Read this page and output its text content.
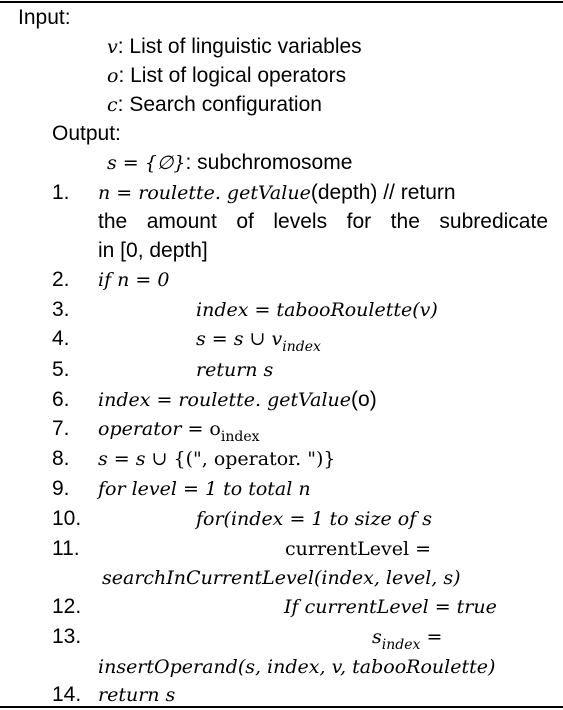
Input:
v: List of linguistic variables
o: List of logical operators
c: Search configuration
Output:
s = {∅}: subchromosome
1. n = roulette. getValue(depth) // return
the amount of levels for the subredicate
in [0, depth]
2. if n = 0
3.	index = tabooRoulette(v)
4.	s = s ∪ $v_{index}$
5.	return s
6. index = roulette. getValue(o)
7. operator = $o_{index}$
8. s = s ∪ {(", operator. ")}
9. for level = 1 to total n
10.	for(index = 1 to size of s
11.	currentLevel =
searchInCurrentLevel(index, level, s)
12.	If currentLevel = true
13.	$s_{index}$ =
insertOperand(s, index, v, tabooRoulette)
14. return s
